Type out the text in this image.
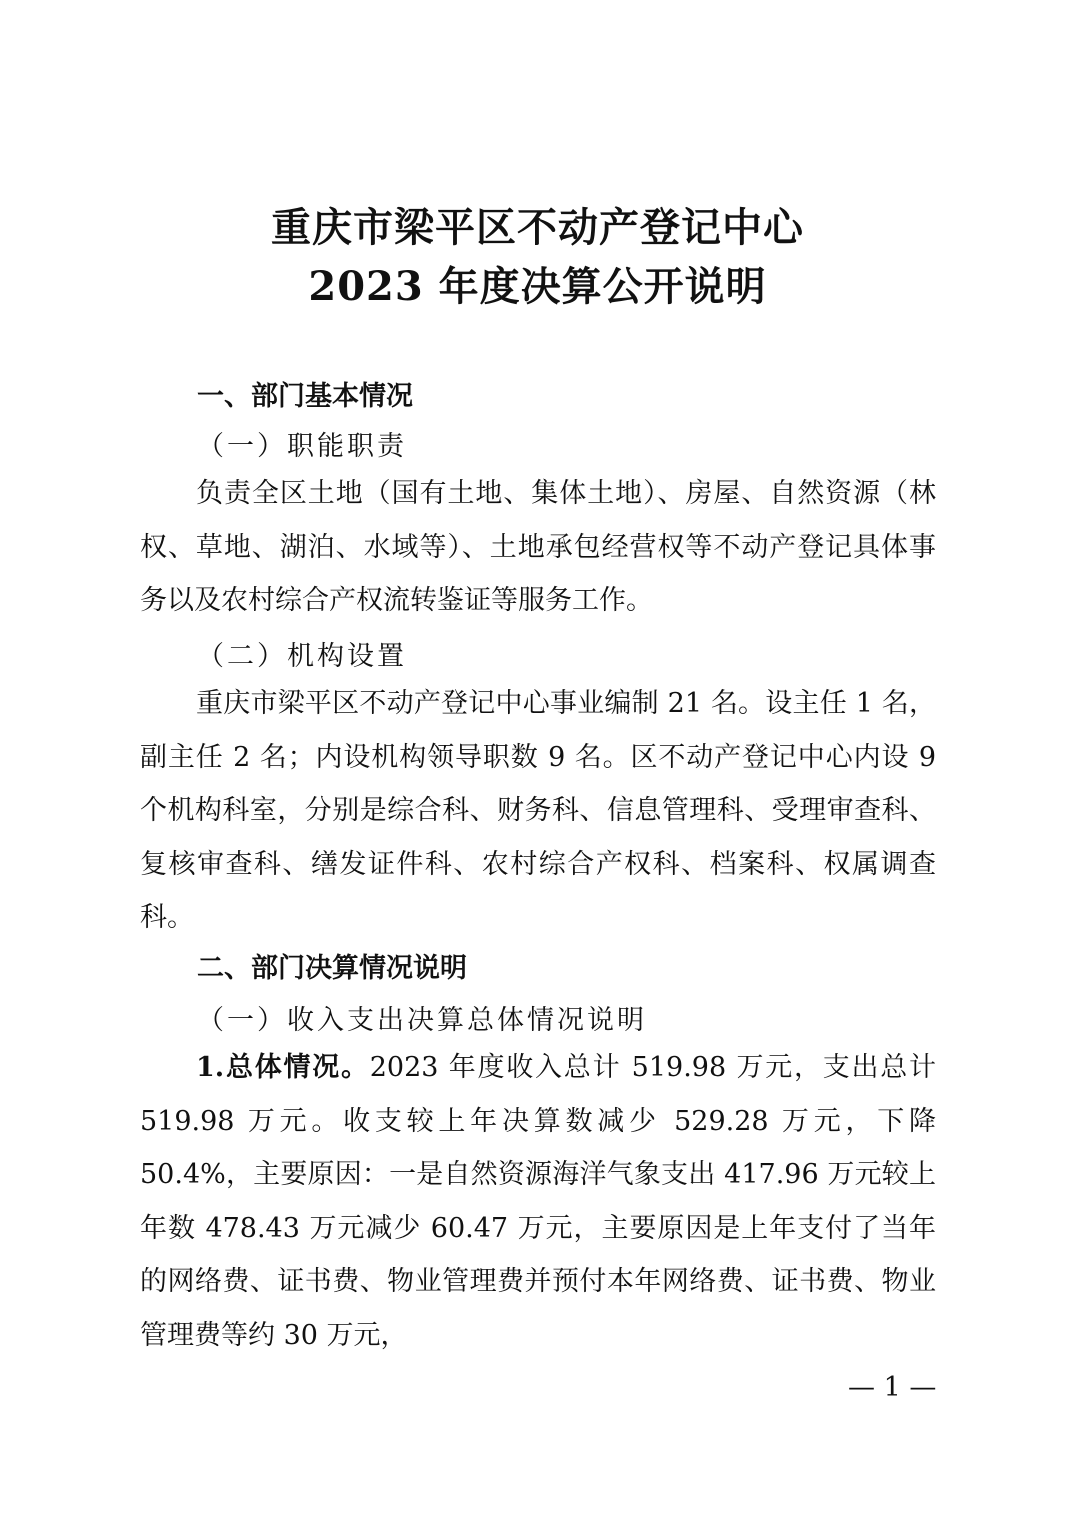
重庆市梁平区不动产登记中心
2023 年度决算公开说明
一、部门基本情况
（一）职能职责
负责全区土地（国有土地、集体土地）、房屋、自然资源（林权、草地、湖泊、水域等）、土地承包经营权等不动产登记具体事务以及农村综合产权流转鉴证等服务工作。
（二）机构设置
重庆市梁平区不动产登记中心事业编制 21 名。设主任 1 名，副主任 2 名；内设机构领导职数 9 名。区不动产登记中心内设 9 个机构科室，分别是综合科、财务科、信息管理科、受理审查科、复核审查科、缮发证件科、农村综合产权科、档案科、权属调查科。
二、部门决算情况说明
（一）收入支出决算总体情况说明
1.总体情况。2023 年度收入总计 519.98 万元，支出总计 519.98 万元。收支较上年决算数减少 529.28 万元，下降 50.4%，主要原因：一是自然资源海洋气象支出 417.96 万元较上年数 478.43 万元减少 60.47 万元，主要原因是上年支付了当年的网络费、证书费、物业管理费并预付本年网络费、证书费、物业管理费等约 30 万元，
— 1 —
